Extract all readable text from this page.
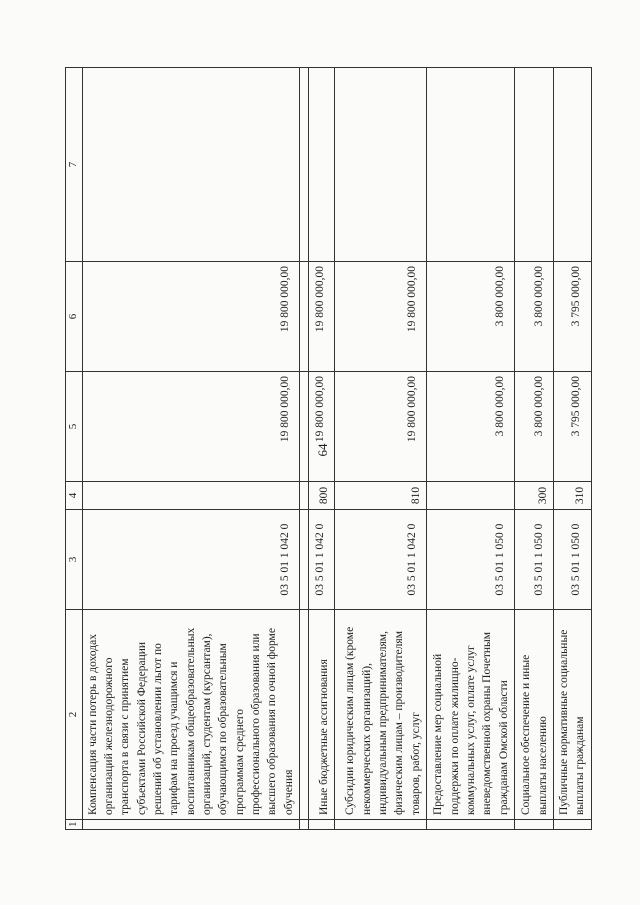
64
1	2	3	4	5	6	7
	Компенсация части потерь в доходах организаций железнодорожного транспорта в связи с принятием субъектами Российской Федерации решений об установлении льгот по тарифам на проезд учащимся и воспитанникам общеобразовательных организаций, студентам (курсантам), обучающимся по образовательным программам среднего профессионального образования или высшего образования по очной форме обучения	03 5 01 1 042 0		19 800 000,00	19 800 000,00	

	Иные бюджетные ассигнования	03 5 01 1 042 0	800	19 800 000,00	19 800 000,00	
	Субсидии юридическим лицам (кроме некоммерческих организаций), индивидуальным предпринимателям, физическим лицам – производителям товаров, работ, услуг	03 5 01 1 042 0	810	19 800 000,00	19 800 000,00	
	Предоставление мер социальной поддержки по оплате жилищно-коммунальных услуг, оплате услуг вневедомственной охраны Почетным гражданам Омской области	03 5 01 1 050 0		3 800 000,00	3 800 000,00	
	Социальное обеспечение и иные выплаты населению	03 5 01 1 050 0	300	3 800 000,00	3 800 000,00	
	Публичные нормативные социальные выплаты гражданам	03 5 01 1 050 0	310	3 795 000,00	3 795 000,00	
